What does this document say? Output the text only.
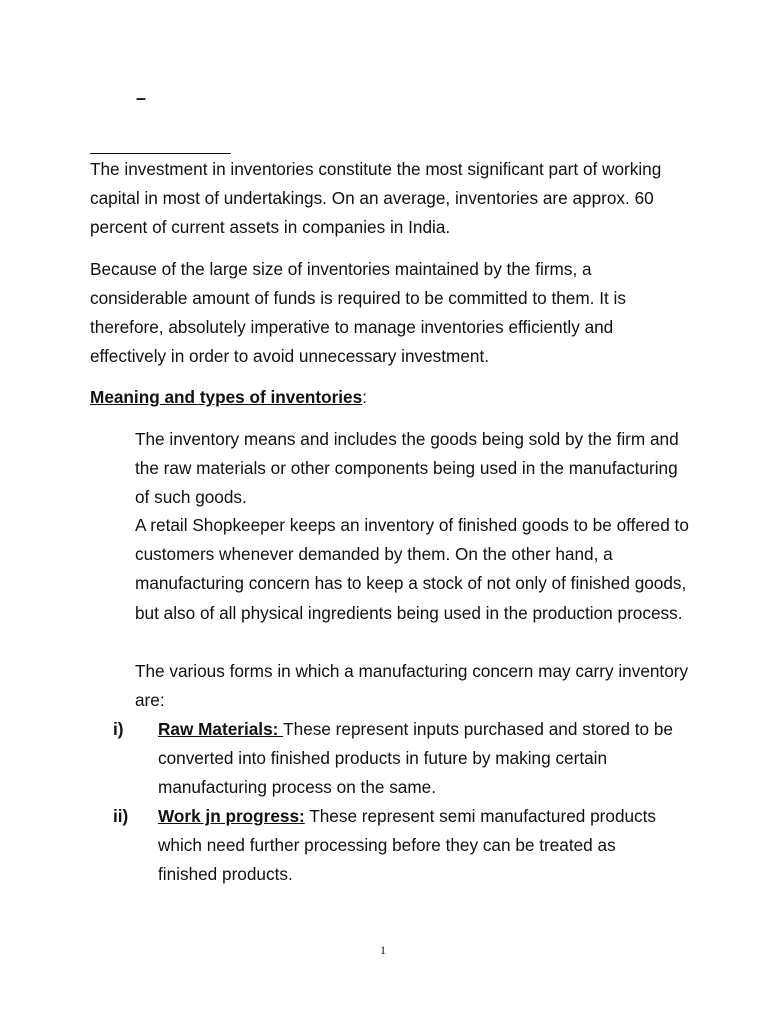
–

The investment in inventories constitute the most significant part of working capital in most of undertakings. On an average, inventories are approx. 60 percent of current assets in companies in India.

Because of the large size of inventories maintained by the firms, a considerable amount of funds is required to be committed to them. It is therefore, absolutely imperative to manage inventories efficiently and effectively in order to avoid unnecessary investment.

Meaning and types of inventories:

The inventory means and includes the goods being sold by the firm and the raw materials or other components being used in the manufacturing of such goods.

A retail Shopkeeper keeps an inventory of finished goods to be offered to customers whenever demanded by them. On the other hand, a manufacturing concern has to keep a stock of not only of finished goods, but also of all physical ingredients being used in the production process.

The various forms in which a manufacturing concern may carry inventory are:

i) Raw Materials: These represent inputs purchased and stored to be converted into finished products in future by making certain manufacturing process on the same.
ii) Work jn progress: These represent semi manufactured products which need further processing before they can be treated as finished products.
1
